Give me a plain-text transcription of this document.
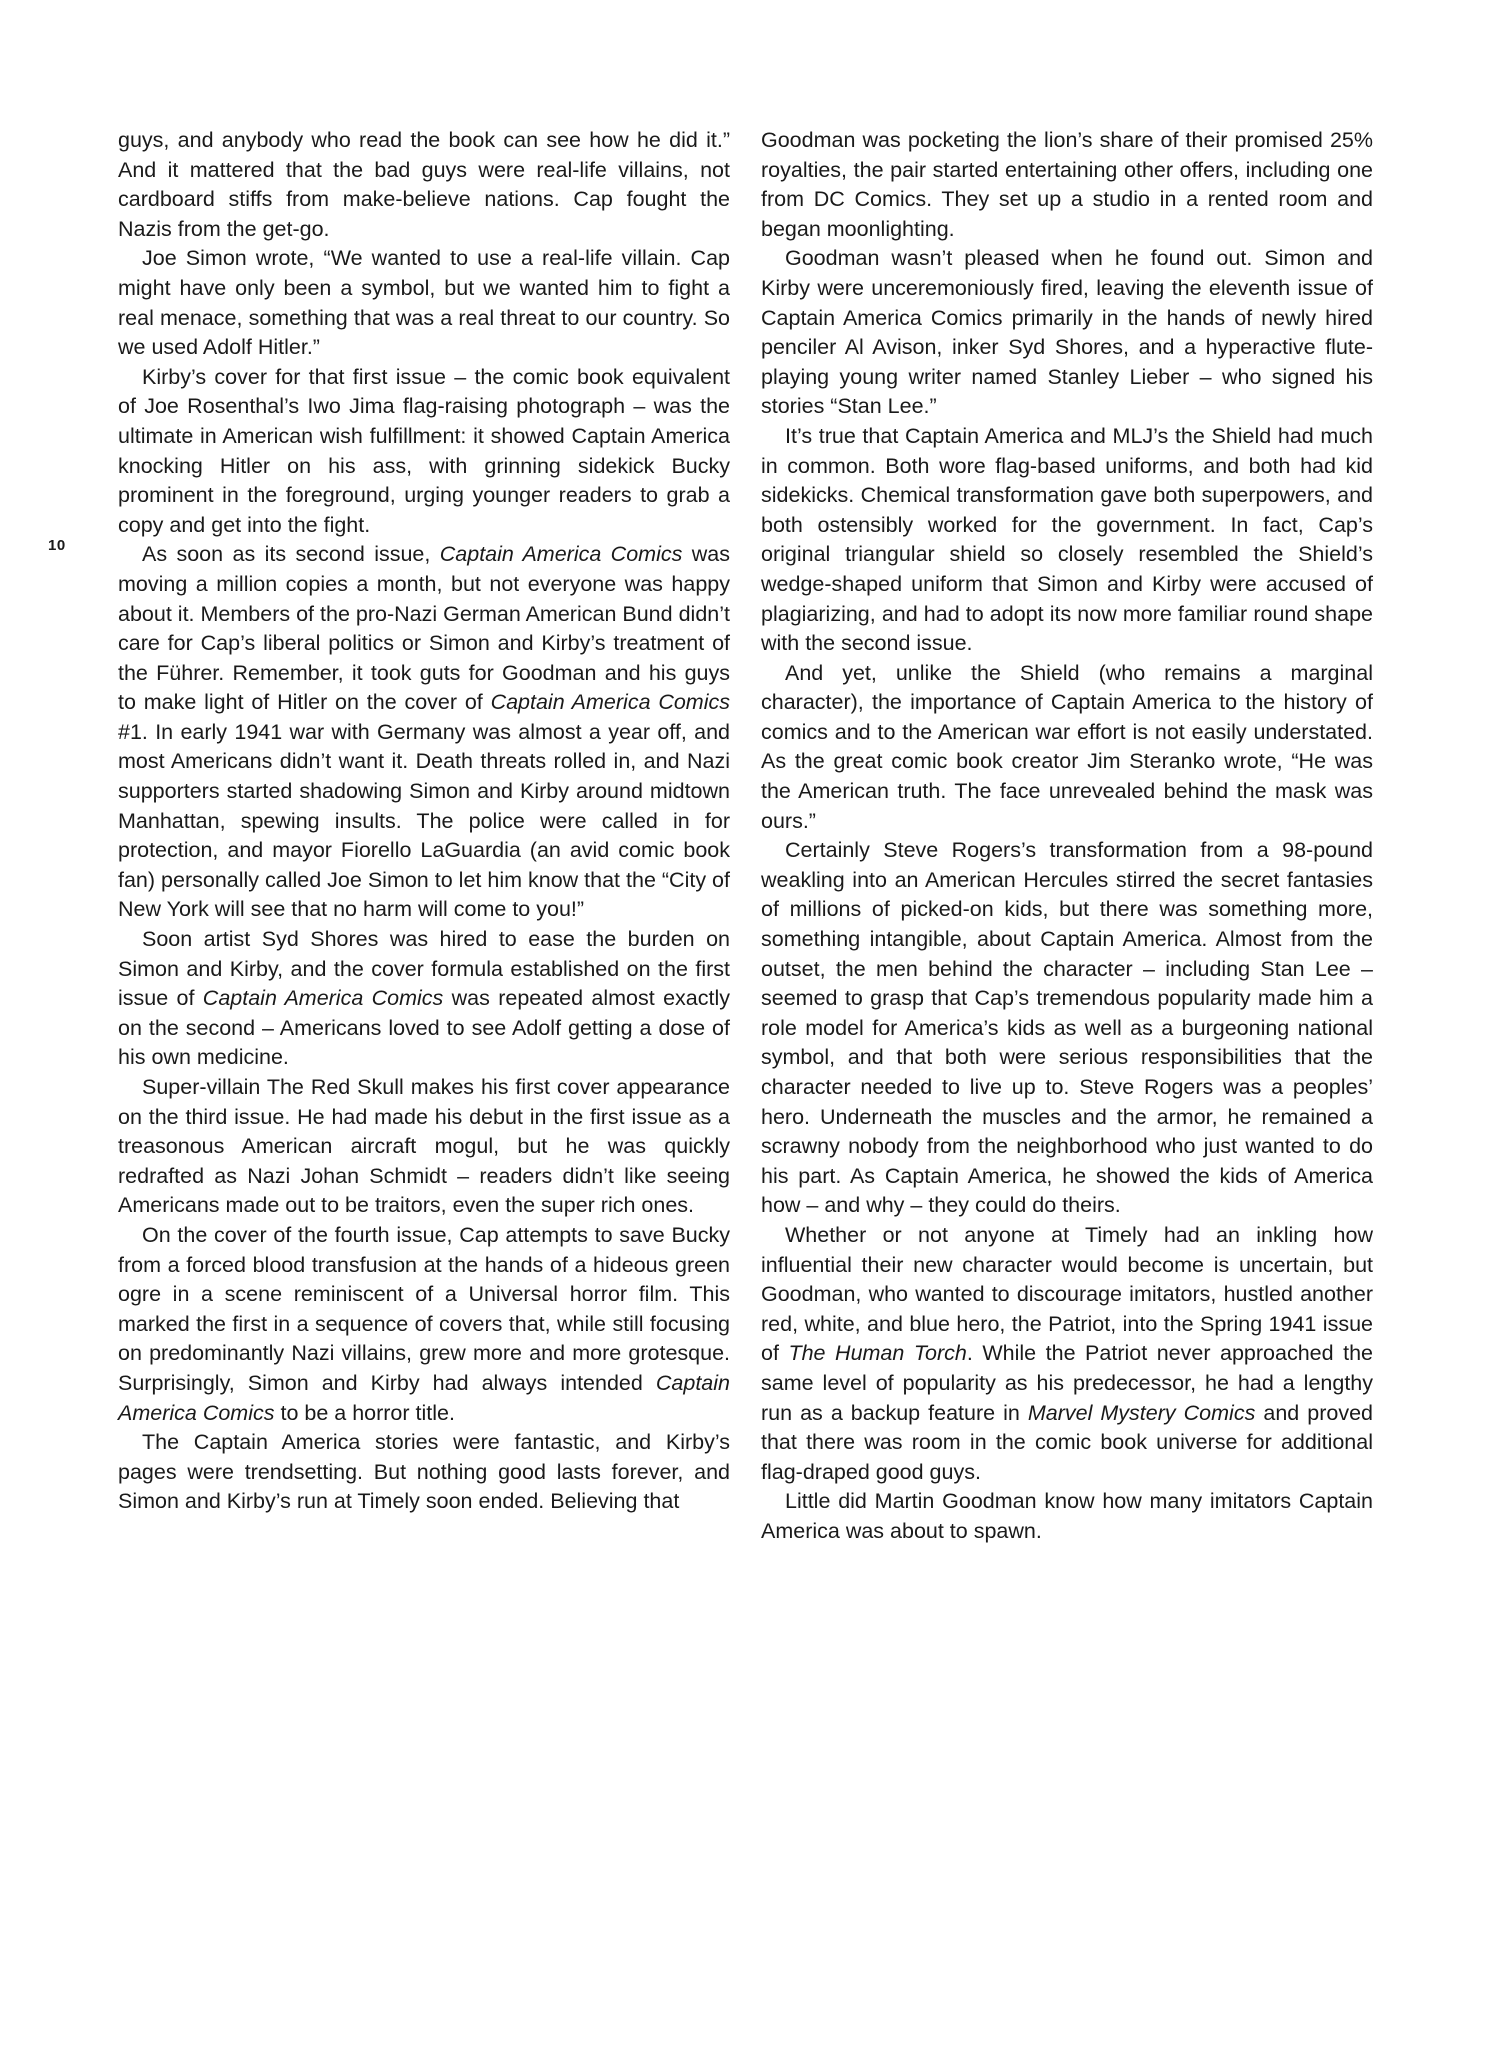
10

guys, and anybody who read the book can see how he did it.” And it mattered that the bad guys were real-life villains, not cardboard stiffs from make-believe nations. Cap fought the Nazis from the get-go.

Joe Simon wrote, “We wanted to use a real-life villain. Cap might have only been a symbol, but we wanted him to fight a real menace, something that was a real threat to our country. So we used Adolf Hitler.”

Kirby’s cover for that first issue – the comic book equivalent of Joe Rosenthal’s Iwo Jima flag-raising photograph – was the ultimate in American wish fulfillment: it showed Captain America knocking Hitler on his ass, with grinning sidekick Bucky prominent in the foreground, urging younger readers to grab a copy and get into the fight.

As soon as its second issue, Captain America Comics was moving a million copies a month, but not everyone was happy about it. Members of the pro-Nazi German American Bund didn’t care for Cap’s liberal politics or Simon and Kirby’s treatment of the Führer. Remember, it took guts for Goodman and his guys to make light of Hitler on the cover of Captain America Comics #1. In early 1941 war with Germany was almost a year off, and most Americans didn’t want it. Death threats rolled in, and Nazi supporters started shadowing Simon and Kirby around midtown Manhattan, spewing insults. The police were called in for protection, and mayor Fiorello LaGuardia (an avid comic book fan) personally called Joe Simon to let him know that the “City of New York will see that no harm will come to you!”

Soon artist Syd Shores was hired to ease the burden on Simon and Kirby, and the cover formula established on the first issue of Captain America Comics was repeated almost exactly on the second – Americans loved to see Adolf getting a dose of his own medicine.

Super-villain The Red Skull makes his first cover appearance on the third issue. He had made his debut in the first issue as a treasonous American aircraft mogul, but he was quickly redrafted as Nazi Johan Schmidt – readers didn’t like seeing Americans made out to be traitors, even the super rich ones.

On the cover of the fourth issue, Cap attempts to save Bucky from a forced blood transfusion at the hands of a hideous green ogre in a scene reminiscent of a Universal horror film. This marked the first in a sequence of covers that, while still focusing on predominantly Nazi villains, grew more and more grotesque. Surprisingly, Simon and Kirby had always intended Captain America Comics to be a horror title.

The Captain America stories were fantastic, and Kirby’s pages were trendsetting. But nothing good lasts forever, and Simon and Kirby’s run at Timely soon ended. Believing that

Goodman was pocketing the lion’s share of their promised 25% royalties, the pair started entertaining other offers, including one from DC Comics. They set up a studio in a rented room and began moonlighting.

Goodman wasn’t pleased when he found out. Simon and Kirby were unceremoniously fired, leaving the eleventh issue of Captain America Comics primarily in the hands of newly hired penciler Al Avison, inker Syd Shores, and a hyperactive flute-playing young writer named Stanley Lieber – who signed his stories “Stan Lee.”

It’s true that Captain America and MLJ’s the Shield had much in common. Both wore flag-based uniforms, and both had kid sidekicks. Chemical transformation gave both superpowers, and both ostensibly worked for the government. In fact, Cap’s original triangular shield so closely resembled the Shield’s wedge-shaped uniform that Simon and Kirby were accused of plagiarizing, and had to adopt its now more familiar round shape with the second issue.

And yet, unlike the Shield (who remains a marginal character), the importance of Captain America to the history of comics and to the American war effort is not easily understated. As the great comic book creator Jim Steranko wrote, “He was the American truth. The face unrevealed behind the mask was ours.”

Certainly Steve Rogers’s transformation from a 98-pound weakling into an American Hercules stirred the secret fantasies of millions of picked-on kids, but there was something more, something intangible, about Captain America. Almost from the outset, the men behind the character – including Stan Lee – seemed to grasp that Cap’s tremendous popularity made him a role model for America’s kids as well as a burgeoning national symbol, and that both were serious responsibilities that the character needed to live up to. Steve Rogers was a peoples’ hero. Underneath the muscles and the armor, he remained a scrawny nobody from the neighborhood who just wanted to do his part. As Captain America, he showed the kids of America how – and why – they could do theirs.

Whether or not anyone at Timely had an inkling how influential their new character would become is uncertain, but Goodman, who wanted to discourage imitators, hustled another red, white, and blue hero, the Patriot, into the Spring 1941 issue of The Human Torch. While the Patriot never approached the same level of popularity as his predecessor, he had a lengthy run as a backup feature in Marvel Mystery Comics and proved that there was room in the comic book universe for additional flag-draped good guys.

Little did Martin Goodman know how many imitators Captain America was about to spawn.
